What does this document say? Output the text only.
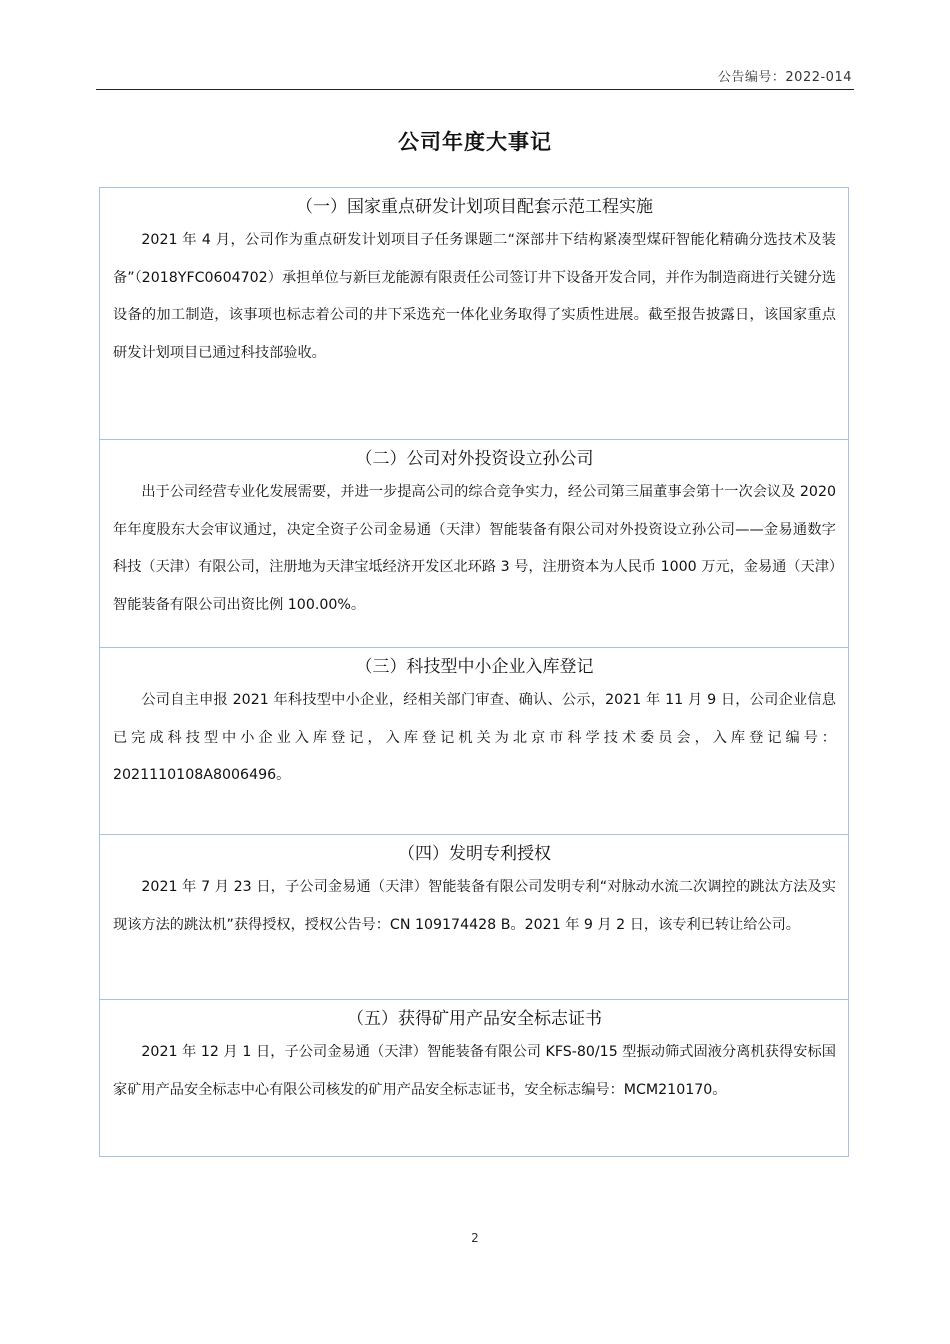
公告编号：2022-014
公司年度大事记
（一）国家重点研发计划项目配套示范工程实施

2021 年 4 月，公司作为重点研发计划项目子任务课题二“深部井下结构紧凑型煤矸智能化精确分选技术及装备”（2018YFC0604702）承担单位与新巨龙能源有限责任公司签订井下设备开发合同，并作为制造商进行关键分选设备的加工制造，该事项也标志着公司的井下采选充一体化业务取得了实质性进展。截至报告披露日，该国家重点研发计划项目已通过科技部验收。

（二）公司对外投资设立孙公司

出于公司经营专业化发展需要，并进一步提高公司的综合竞争实力，经公司第三届董事会第十一次会议及 2020 年年度股东大会审议通过，决定全资子公司金易通（天津）智能装备有限公司对外投资设立孙公司——金易通数字科技（天津）有限公司，注册地为天津宝坻经济开发区北环路 3 号，注册资本为人民币 1000 万元，金易通（天津）智能装备有限公司出资比例 100.00%。

（三）科技型中小企业入库登记

公司自主申报 2021 年科技型中小企业，经相关部门审查、确认、公示，2021 年 11 月 9 日，公司企业信息已完成科技型中小企业入库登记，入库登记机关为北京市科学技术委员会，入库登记编号：2021110108A8006496。

（四）发明专利授权

2021 年 7 月 23 日，子公司金易通（天津）智能装备有限公司发明专利“对脉动水流二次调控的跳汰方法及实现该方法的跳汰机”获得授权，授权公告号：CN 109174428 B。2021 年 9 月 2 日，该专利已转让给公司。

（五）获得矿用产品安全标志证书

2021 年 12 月 1 日，子公司金易通（天津）智能装备有限公司 KFS-80/15 型振动筛式固液分离机获得安标国家矿用产品安全标志中心有限公司核发的矿用产品安全标志证书，安全标志编号：MCM210170。

2
